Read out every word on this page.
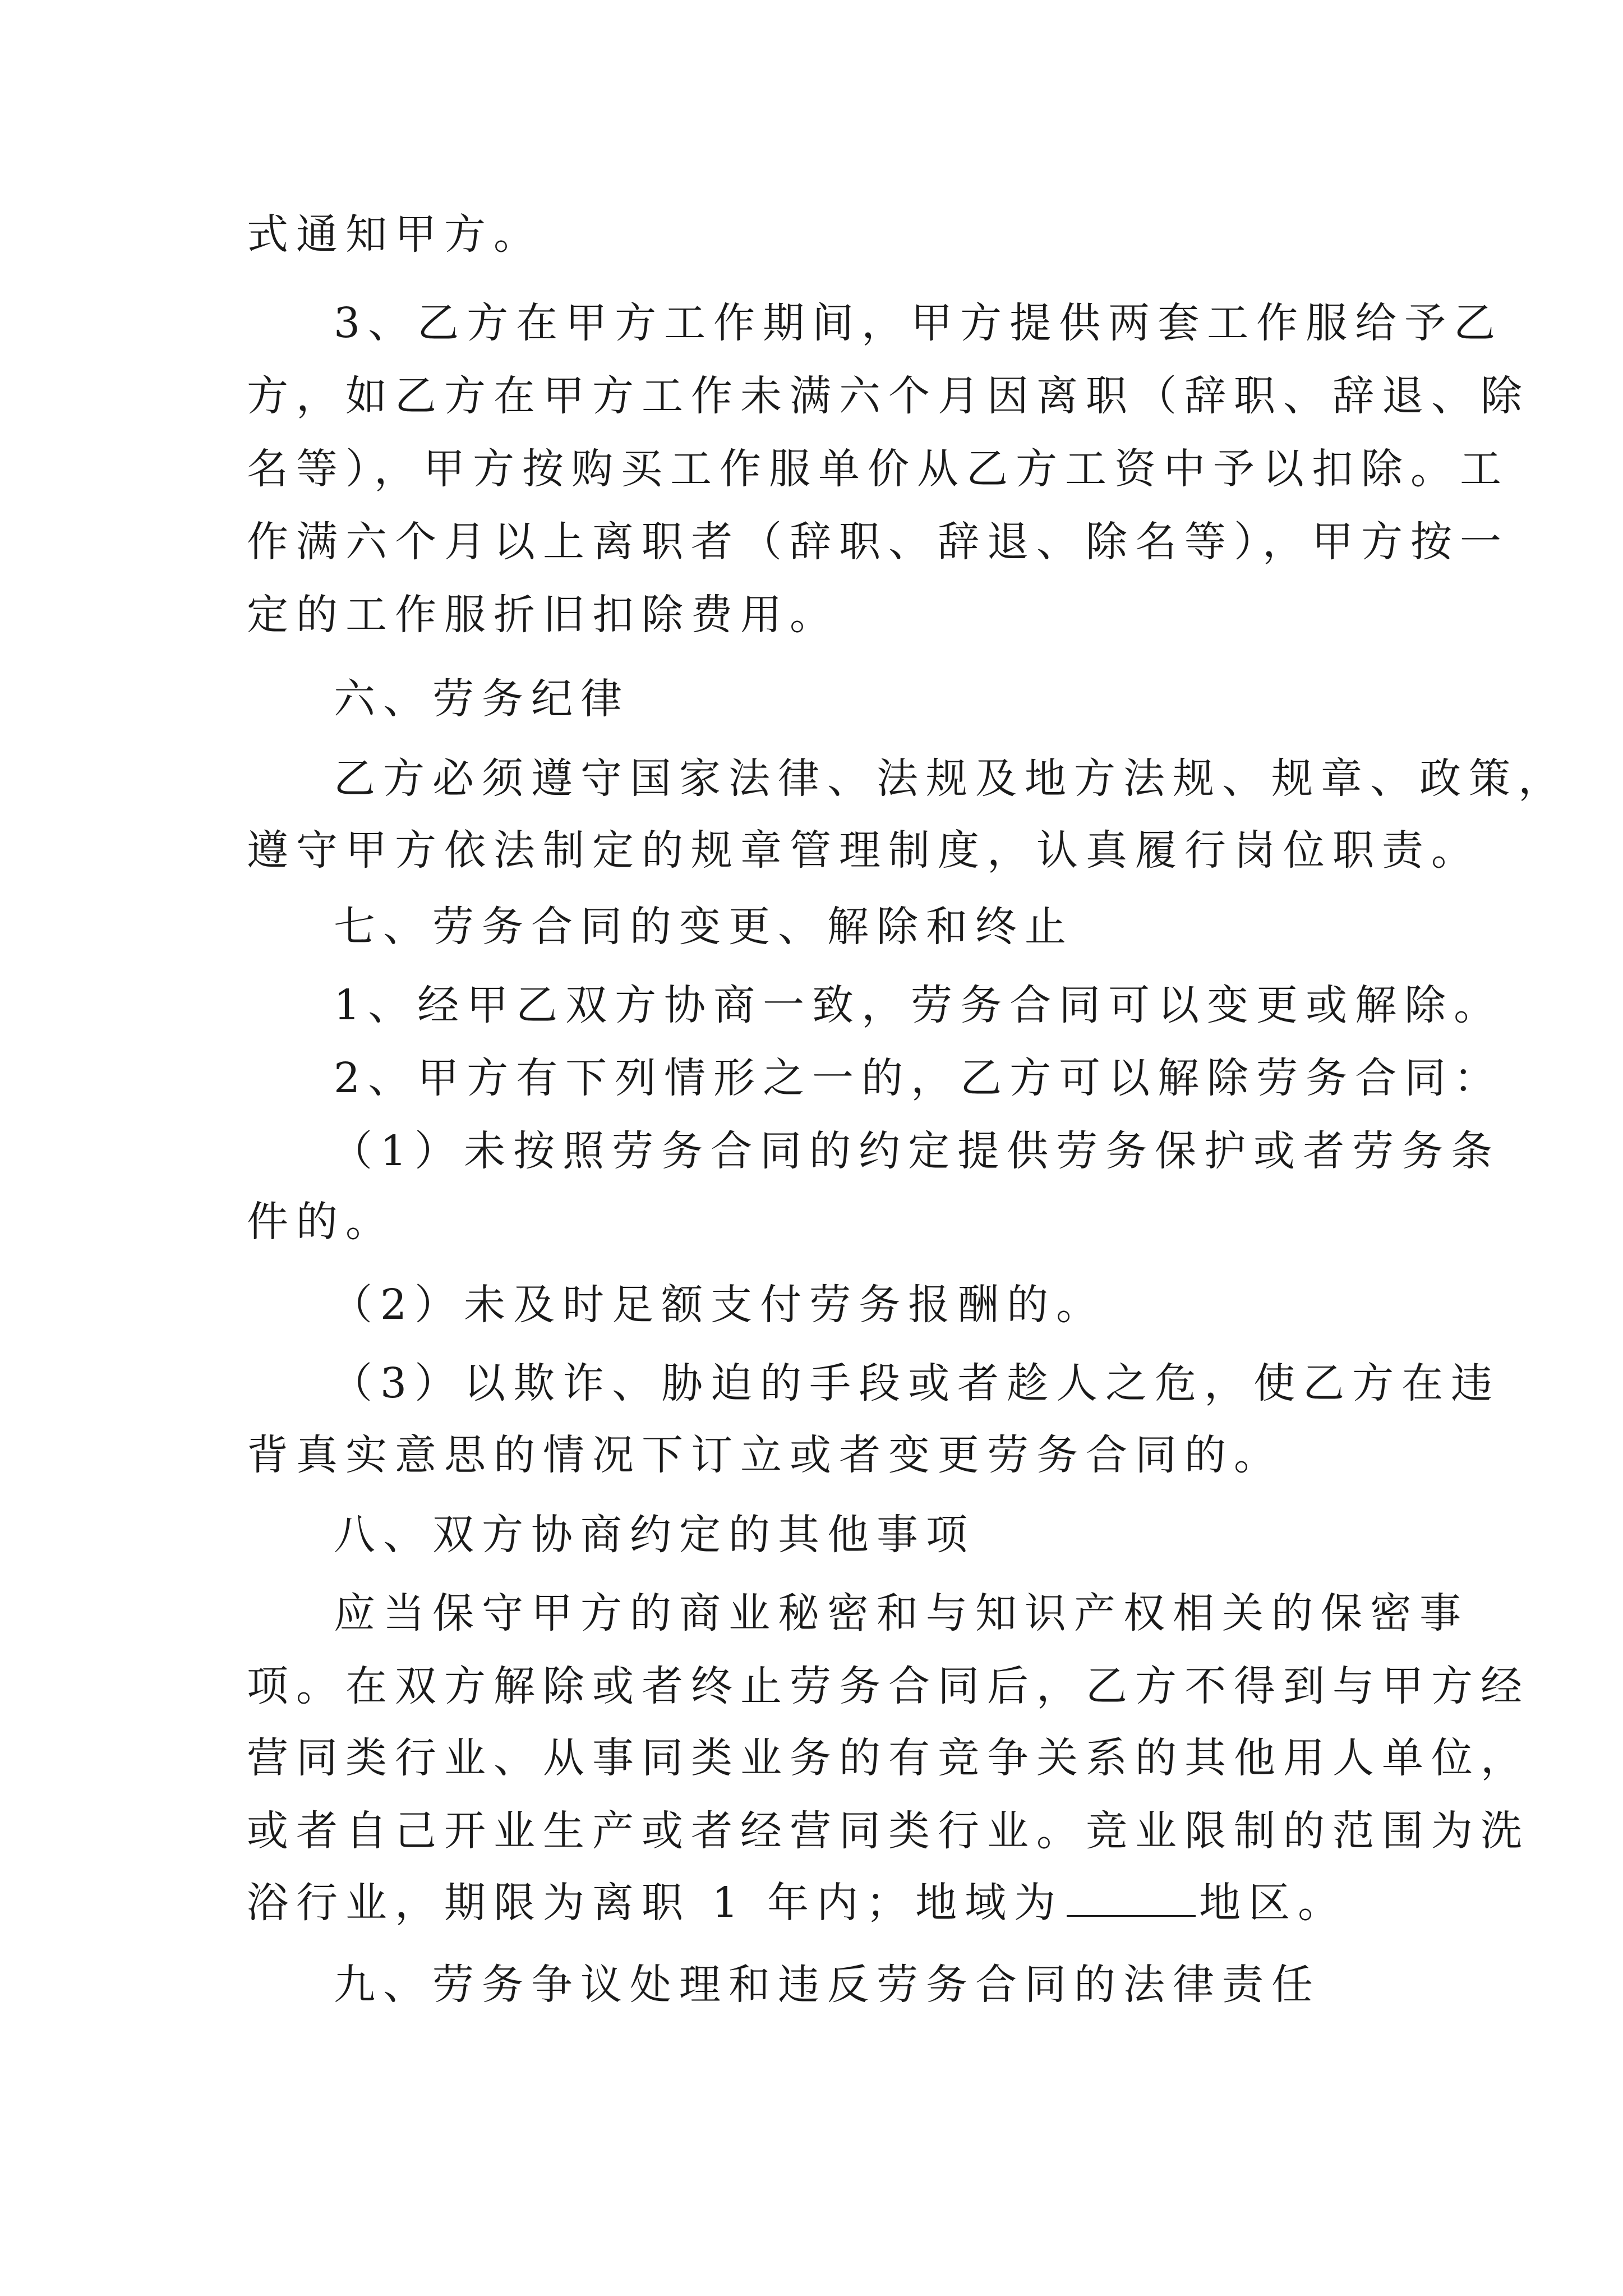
式通知甲方。
3、乙方在甲方工作期间，甲方提供两套工作服给予乙
方，如乙方在甲方工作未满六个月因离职（辞职、辞退、除
名等），甲方按购买工作服单价从乙方工资中予以扣除。工
作满六个月以上离职者（辞职、辞退、除名等），甲方按一
定的工作服折旧扣除费用。
六、劳务纪律
乙方必须遵守国家法律、法规及地方法规、规章、政策，
遵守甲方依法制定的规章管理制度，认真履行岗位职责。
七、劳务合同的变更、解除和终止
1、经甲乙双方协商一致，劳务合同可以变更或解除。
2、甲方有下列情形之一的，乙方可以解除劳务合同：
（1）未按照劳务合同的约定提供劳务保护或者劳务条
件的。
（2）未及时足额支付劳务报酬的。
（3）以欺诈、胁迫的手段或者趁人之危，使乙方在违
背真实意思的情况下订立或者变更劳务合同的。
八、双方协商约定的其他事项
应当保守甲方的商业秘密和与知识产权相关的保密事
项。在双方解除或者终止劳务合同后，乙方不得到与甲方经
营同类行业、从事同类业务的有竞争关系的其他用人单位，
或者自己开业生产或者经营同类行业。竞业限制的范围为洗
浴行业，期限为离职 1 年内；地域为	地区。
九、劳务争议处理和违反劳务合同的法律责任
